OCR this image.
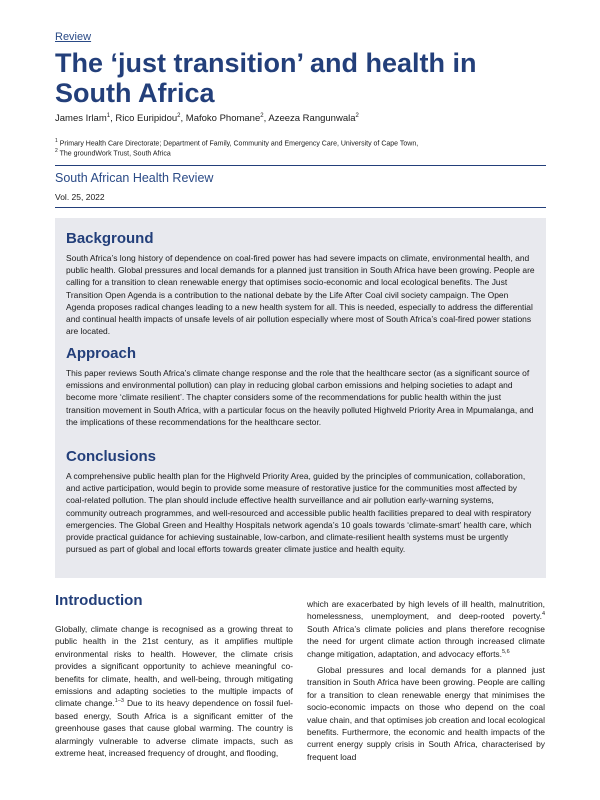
Review
The ‘just transition’ and health in South Africa
James Irlam$^1$, Rico Euripidou$^2$, Mafoko Phomane$^2$, Azeeza Rangunwala$^2$
$^1$ Primary Health Care Directorate; Department of Family, Community and Emergency Care, University of Cape Town,
$^2$ The groundWork Trust, South Africa
South African Health Review
Vol. 25, 2022
Background

South Africa’s long history of dependence on coal-fired power has had severe impacts on climate, environmental health, and public health. Global pressures and local demands for a planned just transition in South Africa have been growing. People are calling for a transition to clean renewable energy that optimises socio-economic and local ecological benefits. The Just Transition Open Agenda is a contribution to the national debate by the Life After Coal civil society campaign. The Open Agenda proposes radical changes leading to a new health system for all. This is needed, especially to address the differential and continual health impacts of unsafe levels of air pollution especially where most of South Africa’s coal-fired power stations are located.

Approach

This paper reviews South Africa’s climate change response and the role that the healthcare sector (as a significant source of emissions and environmental pollution) can play in reducing global carbon emissions and helping societies to adapt and become more ‘climate resilient’. The chapter considers some of the recommendations for public health within the just transition movement in South Africa, with a particular focus on the heavily polluted Highveld Priority Area in Mpumalanga, and the implications of these recommendations for the healthcare sector.

Conclusions

A comprehensive public health plan for the Highveld Priority Area, guided by the principles of communication, collaboration, and active participation, would begin to provide some measure of restorative justice for the communities most affected by coal-related pollution. The plan should include effective health surveillance and air pollution early-warning systems, community outreach programmes, and well-resourced and accessible public health facilities prepared to deal with respiratory emergencies. The Global Green and Healthy Hospitals network agenda’s 10 goals towards ‘climate-smart’ health care, which provide practical guidance for achieving sustainable, low-carbon, and climate-resilient health systems must be urgently pursued as part of global and local efforts towards greater climate justice and health equity.

Introduction

Globally, climate change is recognised as a growing threat to public health in the 21st century, as it amplifies multiple environmental risks to health. However, the climate crisis provides a significant opportunity to achieve meaningful co-benefits for climate, health, and well-being, through mitigating emissions and adapting societies to the multiple impacts of climate change.$^{1-3}$ Due to its heavy dependence on fossil fuel-based energy, South Africa is a significant emitter of the greenhouse gases that cause global warming. The country is alarmingly vulnerable to adverse climate impacts, such as extreme heat, increased frequency of drought, and flooding,

which are exacerbated by high levels of ill health, malnutrition, homelessness, unemployment, and deep-rooted poverty.$^4$ South Africa’s climate policies and plans therefore recognise the need for urgent climate action through increased climate change mitigation, adaptation, and advocacy efforts.$^{5,6}$

Global pressures and local demands for a planned just transition in South Africa have been growing. People are calling for a transition to clean renewable energy that minimises the socio-economic impacts on those who depend on the coal value chain, and that optimises job creation and local ecological benefits. Furthermore, the economic and health impacts of the current energy supply crisis in South Africa, characterised by frequent load
